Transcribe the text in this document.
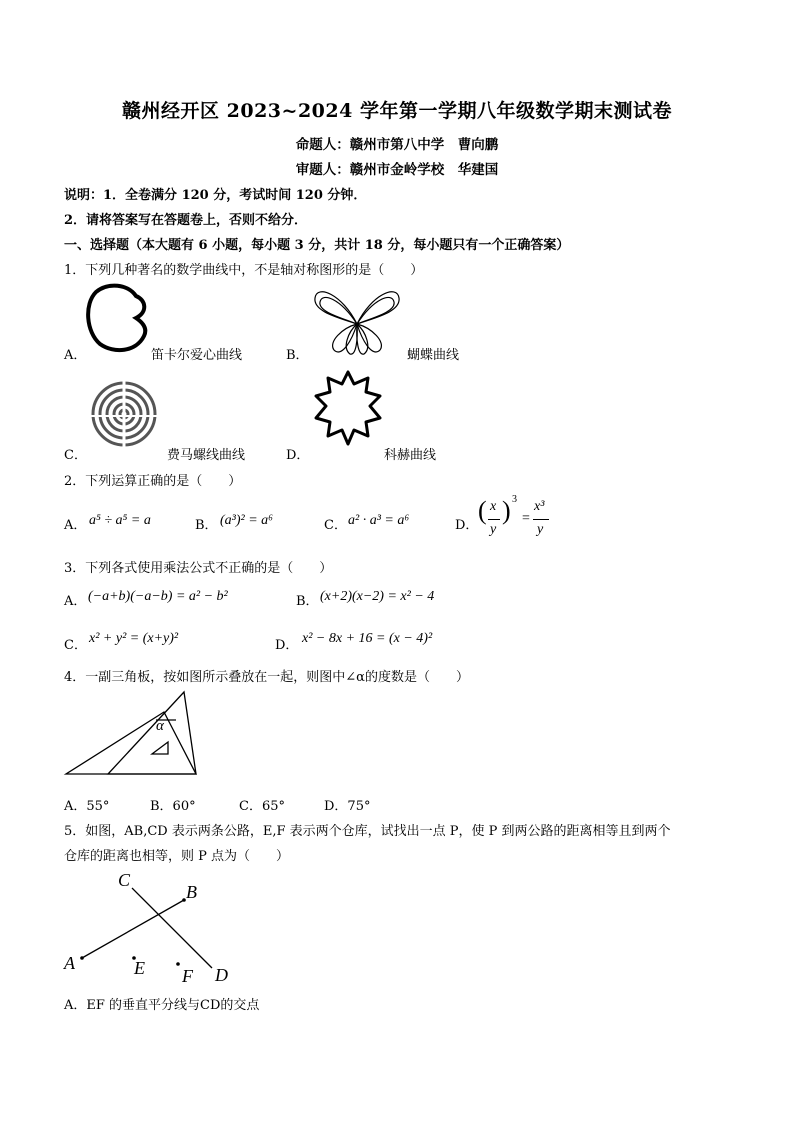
赣州经开区 2023~2024 学年第一学期八年级数学期末测试卷
命题人：赣州市第八中学　曹向鹏
审题人：赣州市金岭学校　华建国
说明：1．全卷满分 120 分，考试时间 120 分钟．
2．请将答案写在答题卷上，否则不给分．
一、选择题（本大题有 6 小题，每小题 3 分，共计 18 分，每小题只有一个正确答案）
1．下列几种著名的数学曲线中，不是轴对称图形的是（　　）
A．	笛卡尔爱心曲线	B．	蝴蝶曲线
C．	费马螺线曲线	D．	科赫曲线
2．下列运算正确的是（　　）
A． a⁵ ÷ a⁵ = a	B． (a³)² = a⁶	C． a² · a³ = a⁶	D．
( x
y
) 3
=
x³
y
3．下列各式使用乘法公式不正确的是（　　）
A． (−a+b)(−a−b) = a² − b²	B． (x+2)(x−2) = x² − 4
C． x² + y² = (x+y)²	D． x² − 8x + 16 = (x − 4)²
4．一副三角板，按如图所示叠放在一起，则图中∠α的度数是（　　）
α
A．55°	B．60°	C．65°	D．75°
5．如图，AB,CD 表示两条公路，E,F 表示两个仓库，试找出一点 P，使 P 到两公路的距离相等且到两个
仓库的距离也相等，则 P 点为（　　）
C
B
A	E F D
A．EF 的垂直平分线与CD的交点
